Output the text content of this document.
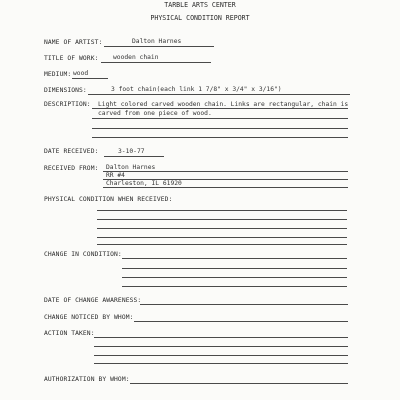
TARBLE ARTS CENTER
PHYSICAL CONDITION REPORT
NAME OF ARTIST:	Dalton Harnes
TITLE OF WORK: wooden chain
MEDIUM: wood
DIMENSIONS:	3 foot chain(each link 1 7/8" x 3/4" x 3/16")
DESCRIPTION: Light colored carved wooden chain. Links are rectangular, chain is
carved from one piece of wood.
DATE RECEIVED:	3-10-77
RECEIVED FROM: Dalton Harnes
RR #4
Charleston, IL 61920
PHYSICAL CONDITION WHEN RECEIVED:
CHANGE IN CONDITION:
DATE OF CHANGE AWARENESS:
CHANGE NOTICED BY WHOM:
ACTION TAKEN:
AUTHORIZATION BY WHOM:
